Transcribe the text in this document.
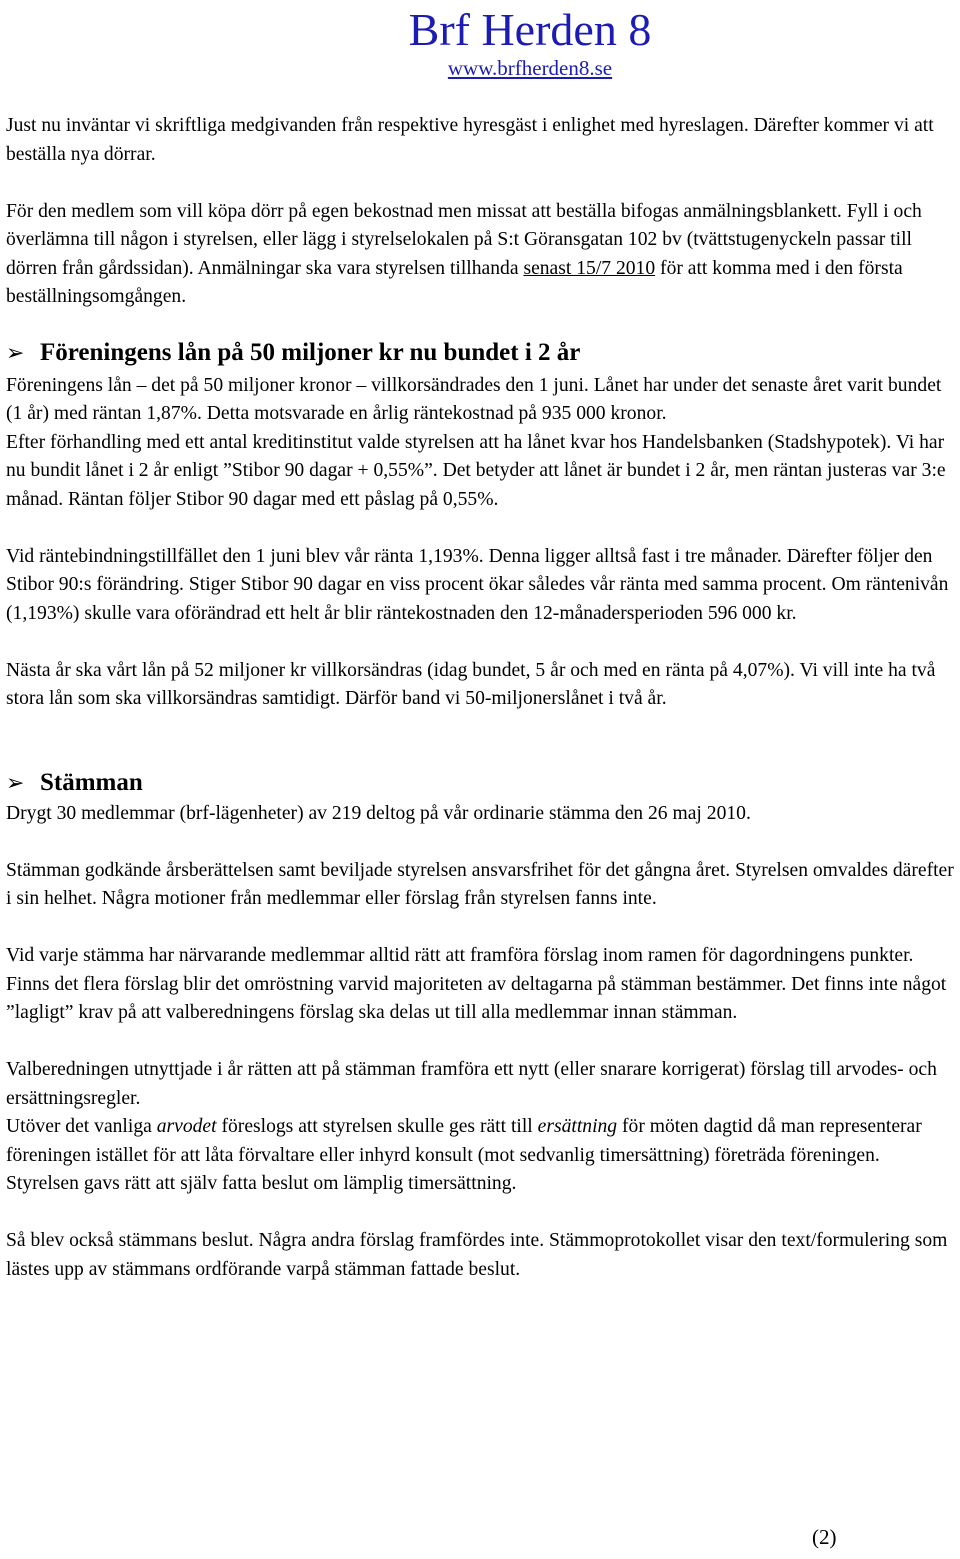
Brf Herden 8
www.brfherden8.se

Just nu inväntar vi skriftliga medgivanden från respektive hyresgäst i enlighet med hyreslagen. Därefter kommer vi att beställa nya dörrar.

För den medlem som vill köpa dörr på egen bekostnad men missat att beställa bifogas anmälningsblankett. Fyll i och överlämna till någon i styrelsen, eller lägg i styrelselokalen på S:t Göransgatan 102 bv (tvättstugenyckeln passar till dörren från gårdssidan). Anmälningar ska vara styrelsen tillhanda senast 15/7 2010 för att komma med i den första beställningsomgången.

➢ Föreningens lån på 50 miljoner kr nu bundet i 2 år

Föreningens lån – det på 50 miljoner kronor – villkorsändrades den 1 juni. Lånet har under det senaste året varit bundet (1 år) med räntan 1,87%. Detta motsvarade en årlig räntekostnad på 935 000 kronor.

Efter förhandling med ett antal kreditinstitut valde styrelsen att ha lånet kvar hos Handelsbanken (Stadshypotek). Vi har nu bundit lånet i 2 år enligt ”Stibor 90 dagar + 0,55%”. Det betyder att lånet är bundet i 2 år, men räntan justeras var 3:e månad. Räntan följer Stibor 90 dagar med ett påslag på 0,55%.

Vid räntebindningstillfället den 1 juni blev vår ränta 1,193%. Denna ligger alltså fast i tre månader. Därefter följer den Stibor 90:s förändring. Stiger Stibor 90 dagar en viss procent ökar således vår ränta med samma procent. Om räntenivån (1,193%) skulle vara oförändrad ett helt år blir räntekostnaden den 12-månadersperioden 596 000 kr.

Nästa år ska vårt lån på 52 miljoner kr villkorsändras (idag bundet, 5 år och med en ränta på 4,07%). Vi vill inte ha två stora lån som ska villkorsändras samtidigt. Därför band vi 50-miljonerslånet i två år.

➢ Stämman

Drygt 30 medlemmar (brf-lägenheter) av 219 deltog på vår ordinarie stämma den 26 maj 2010.

Stämman godkände årsberättelsen samt beviljade styrelsen ansvarsfrihet för det gångna året. Styrelsen omvaldes därefter i sin helhet. Några motioner från medlemmar eller förslag från styrelsen fanns inte.

Vid varje stämma har närvarande medlemmar alltid rätt att framföra förslag inom ramen för dagordningens punkter. Finns det flera förslag blir det omröstning varvid majoriteten av deltagarna på stämman bestämmer. Det finns inte något ”lagligt” krav på att valberedningens förslag ska delas ut till alla medlemmar innan stämman.

Valberedningen utnyttjade i år rätten att på stämman framföra ett nytt (eller snarare korrigerat) förslag till arvodes- och ersättningsregler.

Utöver det vanliga arvodet föreslogs att styrelsen skulle ges rätt till ersättning för möten dagtid då man representerar föreningen istället för att låta förvaltare eller inhyrd konsult (mot sedvanlig timersättning) företräda föreningen. Styrelsen gavs rätt att själv fatta beslut om lämplig timersättning.

Så blev också stämmans beslut. Några andra förslag framfördes inte. Stämmoprotokollet visar den text/formulering som lästes upp av stämmans ordförande varpå stämman fattade beslut.

(2)
